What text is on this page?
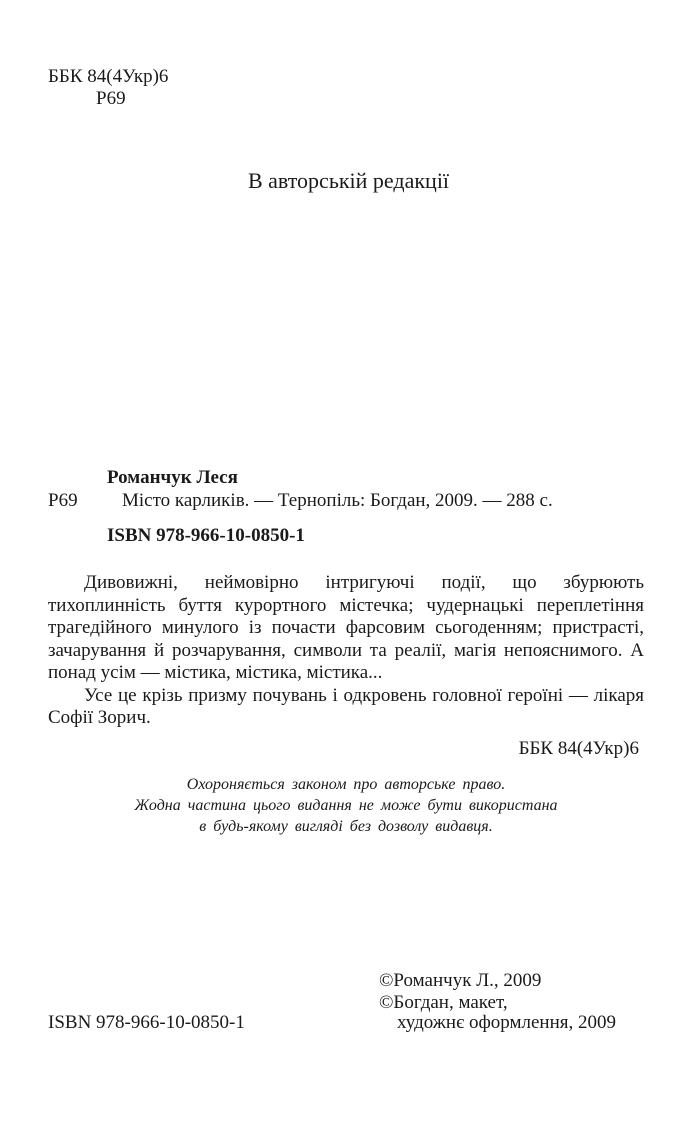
ББК 84(4Укр)6
Р69
В авторській редакції
Романчук Леся
Р69 Місто карликів. — Тернопіль: Богдан, 2009. — 288 с.
ISBN 978-966-10-0850-1

Дивовижні, неймовірно інтригуючі події, що збурюють тихоплинність буття курортного містечка; чудернацькі переплетіння трагедійного минулого із почасти фарсовим сьогоденням; пристрасті, зачарування й розчарування, символи та реалії, магія непояснимого. А понад усім — містика, містика, містика...

Усе це крізь призму почувань і одкровень головної героїні — лікаря Софії Зорич.

ББК 84(4Укр)6
Охороняється законом про авторське право.
Жодна частина цього видання не може бути використана
в будь-якому вигляді без дозволу видавця.
©Романчук Л., 2009
©Богдан, макет,
художнє оформлення, 2009
ISBN 978-966-10-0850-1
